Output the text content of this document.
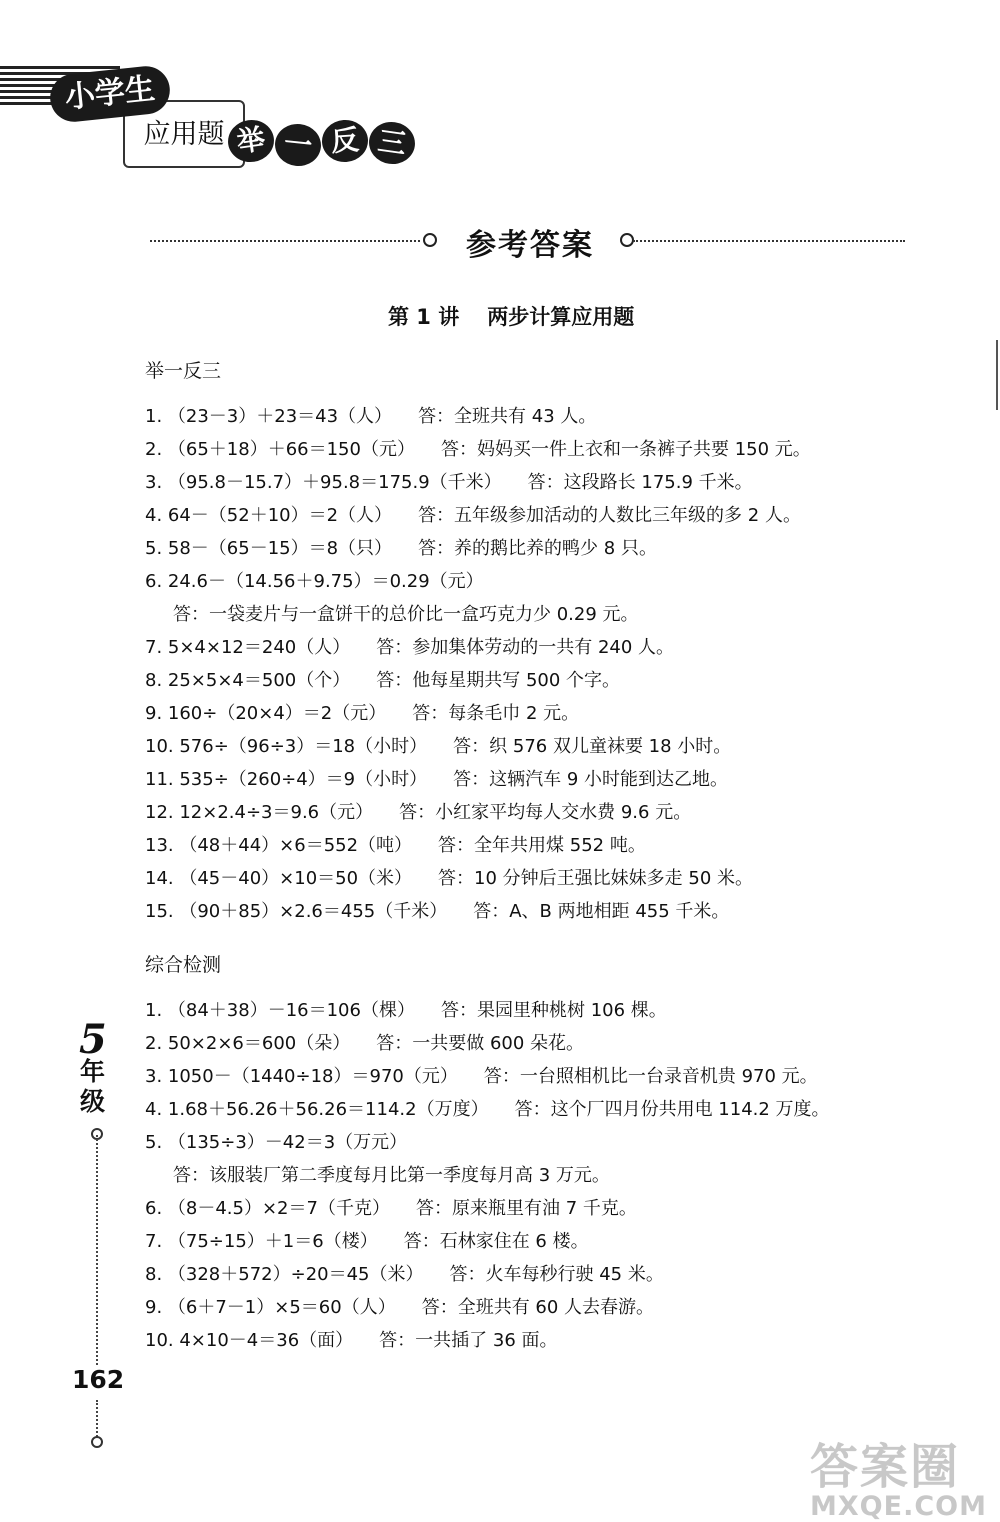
应用题
小学生
举 一 反 三
参考答案
第 1 讲 两步计算应用题
举一反三
1. （23－3）＋23＝43（人） 答：全班共有 43 人。
2. （65＋18）＋66＝150（元） 答：妈妈买一件上衣和一条裤子共要 150 元。
3. （95.8－15.7）＋95.8＝175.9（千米） 答：这段路长 175.9 千米。
4. 64－（52＋10）＝2（人） 答：五年级参加活动的人数比三年级的多 2 人。
5. 58－（65－15）＝8（只） 答：养的鹅比养的鸭少 8 只。
6. 24.6－（14.56＋9.75）＝0.29（元）
答：一袋麦片与一盒饼干的总价比一盒巧克力少 0.29 元。
7. 5×4×12＝240（人） 答：参加集体劳动的一共有 240 人。
8. 25×5×4＝500（个） 答：他每星期共写 500 个字。
9. 160÷（20×4）＝2（元） 答：每条毛巾 2 元。
10. 576÷（96÷3）＝18（小时） 答：织 576 双儿童袜要 18 小时。
11. 535÷（260÷4）＝9（小时） 答：这辆汽车 9 小时能到达乙地。
12. 12×2.4÷3＝9.6（元） 答：小红家平均每人交水费 9.6 元。
13. （48＋44）×6＝552（吨） 答：全年共用煤 552 吨。
14. （45－40）×10＝50（米） 答：10 分钟后王强比妹妹多走 50 米。
15. （90＋85）×2.6＝455（千米） 答：A、B 两地相距 455 千米。
综合检测
1. （84＋38）－16＝106（棵） 答：果园里种桃树 106 棵。
2. 50×2×6＝600（朵） 答：一共要做 600 朵花。
3. 1050－（1440÷18）＝970（元） 答：一台照相机比一台录音机贵 970 元。
4. 1.68＋56.26＋56.26＝114.2（万度） 答：这个厂四月份共用电 114.2 万度。
5. （135÷3）－42＝3（万元）
答：该服装厂第二季度每月比第一季度每月高 3 万元。
6. （8－4.5）×2＝7（千克） 答：原来瓶里有油 7 千克。
7. （75÷15）＋1＝6（楼） 答：石林家住在 6 楼。
8. （328＋572）÷20＝45（米） 答：火车每秒行驶 45 米。
9. （6＋7－1）×5＝60（人） 答：全班共有 60 人去春游。
10. 4×10－4＝36（面） 答：一共插了 36 面。
5
年级
162
答案圈
MXQE.COM
